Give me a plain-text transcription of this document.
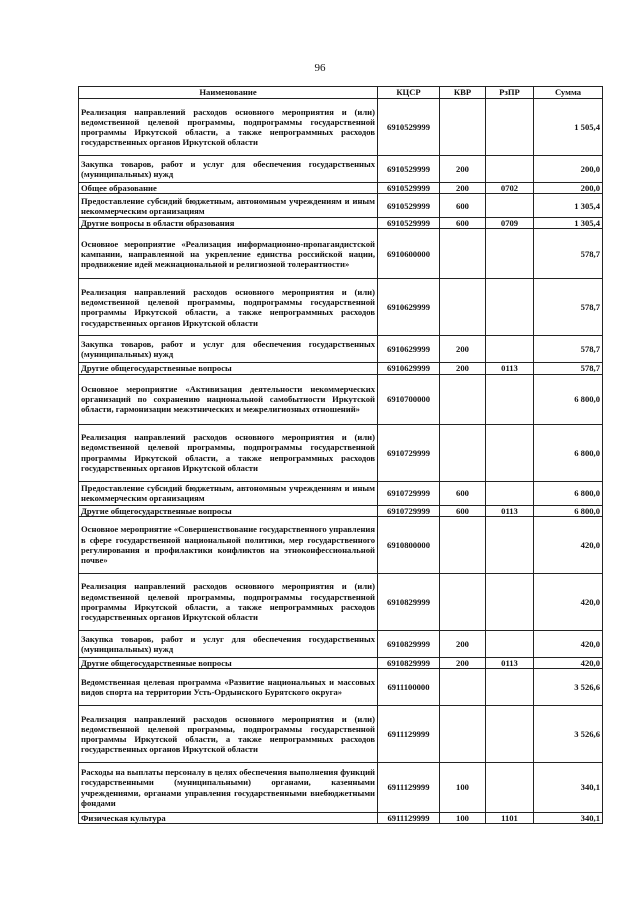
96
Наименование	КЦСР	КВР	РзПР	Сумма
Реализация направлений расходов основного мероприятия и (или) ведомственной целевой программы, подпрограммы государственной программы Иркутской области, а также непрограммных расходов государственных органов Иркутской области	6910529999			1 505,4
Закупка товаров, работ и услуг для обеспечения государственных (муниципальных) нужд	6910529999	200		200,0
Общее образование	6910529999	200	0702	200,0
Предоставление субсидий бюджетным, автономным учреждениям и иным некоммерческим организациям	6910529999	600		1 305,4
Другие вопросы в области образования	6910529999	600	0709	1 305,4
Основное мероприятие «Реализация информационно-пропагандистской кампании, направленной на укрепление единства российской нации, продвижение идей межнациональной и религиозной толерантности»	6910600000			578,7
Реализация направлений расходов основного мероприятия и (или) ведомственной целевой программы, подпрограммы государственной программы Иркутской области, а также непрограммных расходов государственных органов Иркутской области	6910629999			578,7
Закупка товаров, работ и услуг для обеспечения государственных (муниципальных) нужд	6910629999	200		578,7
Другие общегосударственные вопросы	6910629999	200	0113	578,7
Основное мероприятие «Активизация деятельности некоммерческих организаций по сохранению национальной самобытности Иркутской области, гармонизации межэтнических и межрелигиозных отношений»	6910700000			6 800,0
Реализация направлений расходов основного мероприятия и (или) ведомственной целевой программы, подпрограммы государственной программы Иркутской области, а также непрограммных расходов государственных органов Иркутской области	6910729999			6 800,0
Предоставление субсидий бюджетным, автономным учреждениям и иным некоммерческим организациям	6910729999	600		6 800,0
Другие общегосударственные вопросы	6910729999	600	0113	6 800,0
Основное мероприятие «Совершенствование государственного управления в сфере государственной национальной политики, мер государственного регулирования и профилактики конфликтов на этноконфессиональной почве»	6910800000			420,0
Реализация направлений расходов основного мероприятия и (или) ведомственной целевой программы, подпрограммы государственной программы Иркутской области, а также непрограммных расходов государственных органов Иркутской области	6910829999			420,0
Закупка товаров, работ и услуг для обеспечения государственных (муниципальных) нужд	6910829999	200		420,0
Другие общегосударственные вопросы	6910829999	200	0113	420,0
Ведомственная целевая программа «Развитие национальных и массовых видов спорта на территории Усть-Ордынского Бурятского округа»	6911100000			3 526,6
Реализация направлений расходов основного мероприятия и (или) ведомственной целевой программы, подпрограммы государственной программы Иркутской области, а также непрограммных расходов государственных органов Иркутской области	6911129999			3 526,6
Расходы на выплаты персоналу в целях обеспечения выполнения функций государственными (муниципальными) органами, казенными учреждениями, органами управления государственными внебюджетными фондами	6911129999	100		340,1
Физическая культура	6911129999	100	1101	340,1
